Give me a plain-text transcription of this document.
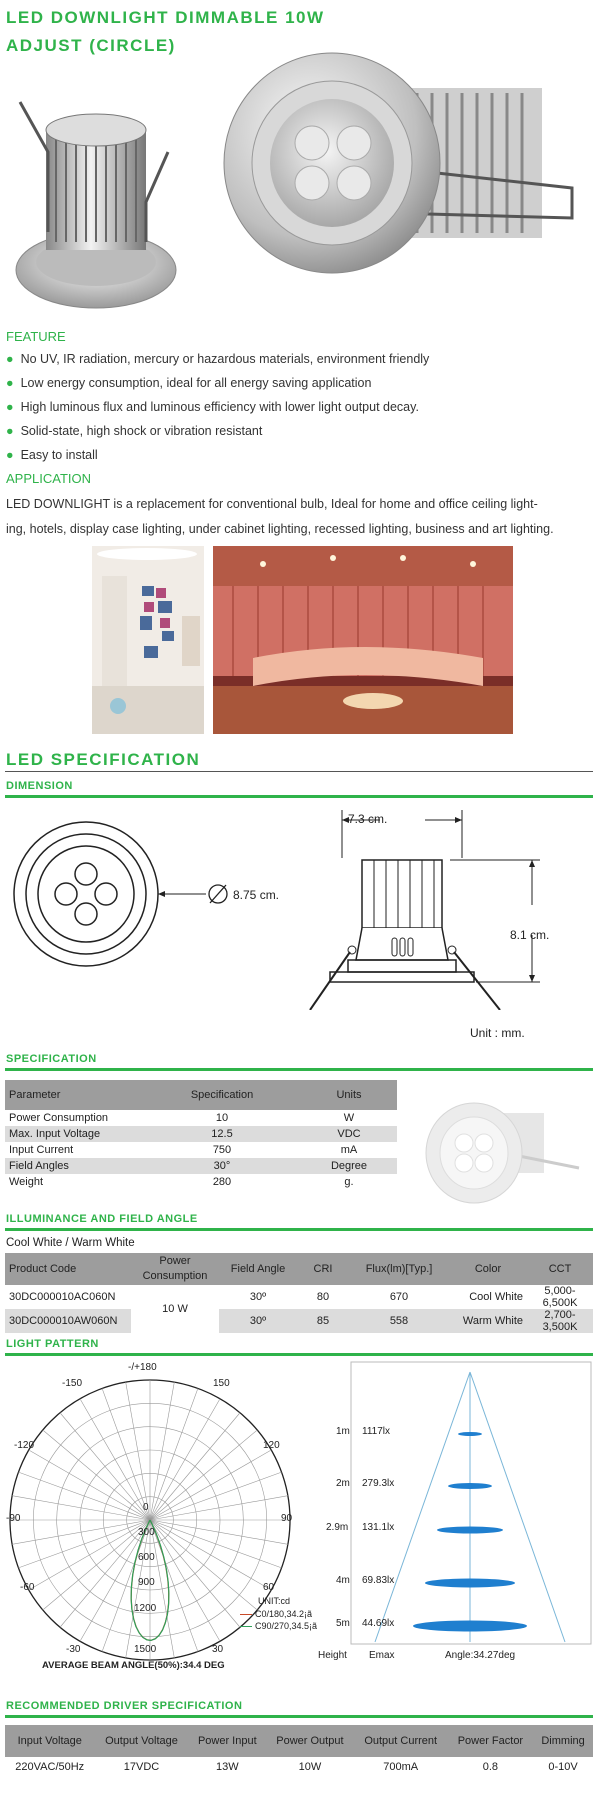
LED DOWNLIGHT DIMMABLE 10W
ADJUST (CIRCLE)
FEATURE
● No UV, IR radiation, mercury or hazardous materials, environment friendly
● Low energy consumption, ideal for all energy saving application
● High luminous flux and luminous efficiency with lower light output decay.
● Solid-state, high shock or vibration resistant
● Easy to install
APPLICATION
LED DOWNLIGHT is a replacement for conventional bulb, Ideal for home and office ceiling light-
ing, hotels, display case lighting, under cabinet lighting, recessed lighting, business and art lighting.
LED SPECIFICATION
DIMENSION
8.75 cm.
7.3 cm.
8.1 cm.
Unit : mm.
SPECIFICATION
Parameter	Specification	Units
Power Consumption	10	W
Max. Input Voltage	12.5	VDC
Input Current	750	mA
Field Angles	30°	Degree
Weight	280	g.
ILLUMINANCE AND FIELD ANGLE
Cool White / Warm White
Product Code	Power Consumption	Field Angle	CRI	Flux(lm)[Typ.]	Color	CCT
30DC000010AC060N	10 W	30º	80	670	Cool White	5,000-6,500K
30DC000010AW060N		30º	85	558	Warm White	2,700-3,500K
LIGHT PATTERN
-/+180
-150	150
-120	120
-90	90
-60	60
-30	30
0
300
600
900
1200
1500
UNIT:cd
C0/180,34.2¡ã
C90/270,34.5¡ã
AVERAGE BEAM ANGLE(50%):34.4 DEG
1m 1117lx
2m 279.3lx
2.9m 131.1lx
4m 69.83lx
5m 44.69lx
Height Emax	Angle:34.27deg
RECOMMENDED DRIVER SPECIFICATION
Input Voltage	Output Voltage	Power Input	Power Output	Output Current	Power Factor	Dimming
220VAC/50Hz	17VDC	13W	10W	700mA	0.8	0-10V
